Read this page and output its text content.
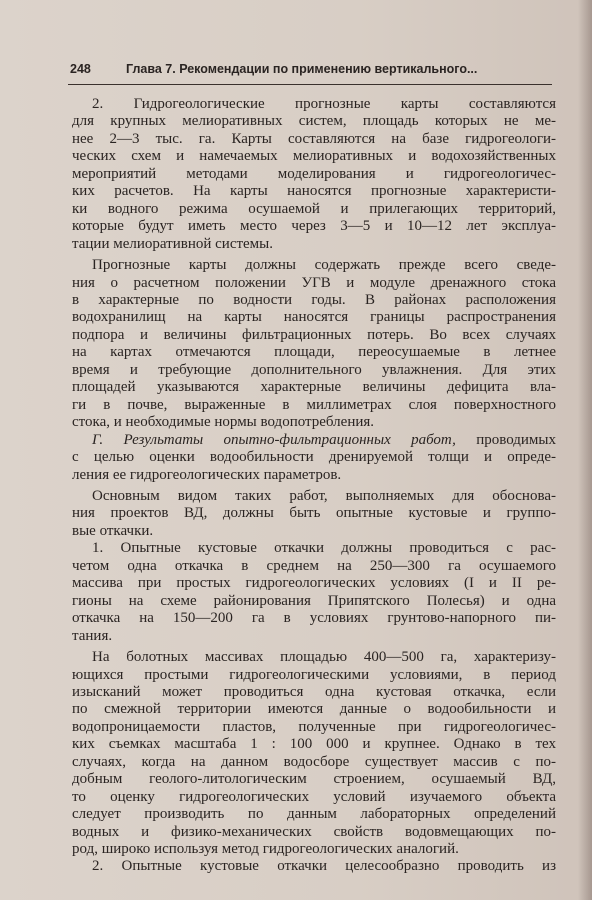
248	Глава 7. Рекомендации по применению вертикального...
2. Гидрогеологические прогнозные карты составляются
для крупных мелиоративных систем, площадь которых не ме-
нее 2—3 тыс. га. Карты составляются на базе гидрогеологи-
ческих схем и намечаемых мелиоративных и водохозяйственных
мероприятий методами моделирования и гидрогеологичес-
ких расчетов. На карты наносятся прогнозные характеристи-
ки водного режима осушаемой и прилегающих территорий,
которые будут иметь место через 3—5 и 10—12 лет эксплуа-
тации мелиоративной системы.
Прогнозные карты должны содержать прежде всего сведе-
ния о расчетном положении УГВ и модуле дренажного стока
в характерные по водности годы. В районах расположения
водохранилищ на карты наносятся границы распространения
подпора и величины фильтрационных потерь. Во всех случаях
на картах отмечаются площади, переосушаемые в летнее
время и требующие дополнительного увлажнения. Для этих
площадей указываются характерные величины дефицита вла-
ги в почве, выраженные в миллиметрах слоя поверхностного
стока, и необходимые нормы водопотребления.
Г. Результаты опытно-фильтрационных работ, проводимых
с целью оценки водообильности дренируемой толщи и опреде-
ления ее гидрогеологических параметров.
Основным видом таких работ, выполняемых для обоснова-
ния проектов ВД, должны быть опытные кустовые и группо-
вые откачки.
1. Опытные кустовые откачки должны проводиться с рас-
четом одна откачка в среднем на 250—300 га осушаемого
массива при простых гидрогеологических условиях (I и II ре-
гионы на схеме районирования Припятского Полесья) и одна
откачка на 150—200 га в условиях грунтово-напорного пи-
тания.
На болотных массивах площадью 400—500 га, характеризу-
ющихся простыми гидрогеологическими условиями, в период
изысканий может проводиться одна кустовая откачка, если
по смежной территории имеются данные о водообильности и
водопроницаемости пластов, полученные при гидрогеологичес-
ких съемках масштаба 1 : 100 000 и крупнее. Однако в тех
случаях, когда на данном водосборе существует массив с по-
добным геолого-литологическим строением, осушаемый ВД,
то оценку гидрогеологических условий изучаемого объекта
следует производить по данным лабораторных определений
водных и физико-механических свойств водовмещающих по-
род, широко используя метод гидрогеологических аналогий.
2. Опытные кустовые откачки целесообразно проводить из
